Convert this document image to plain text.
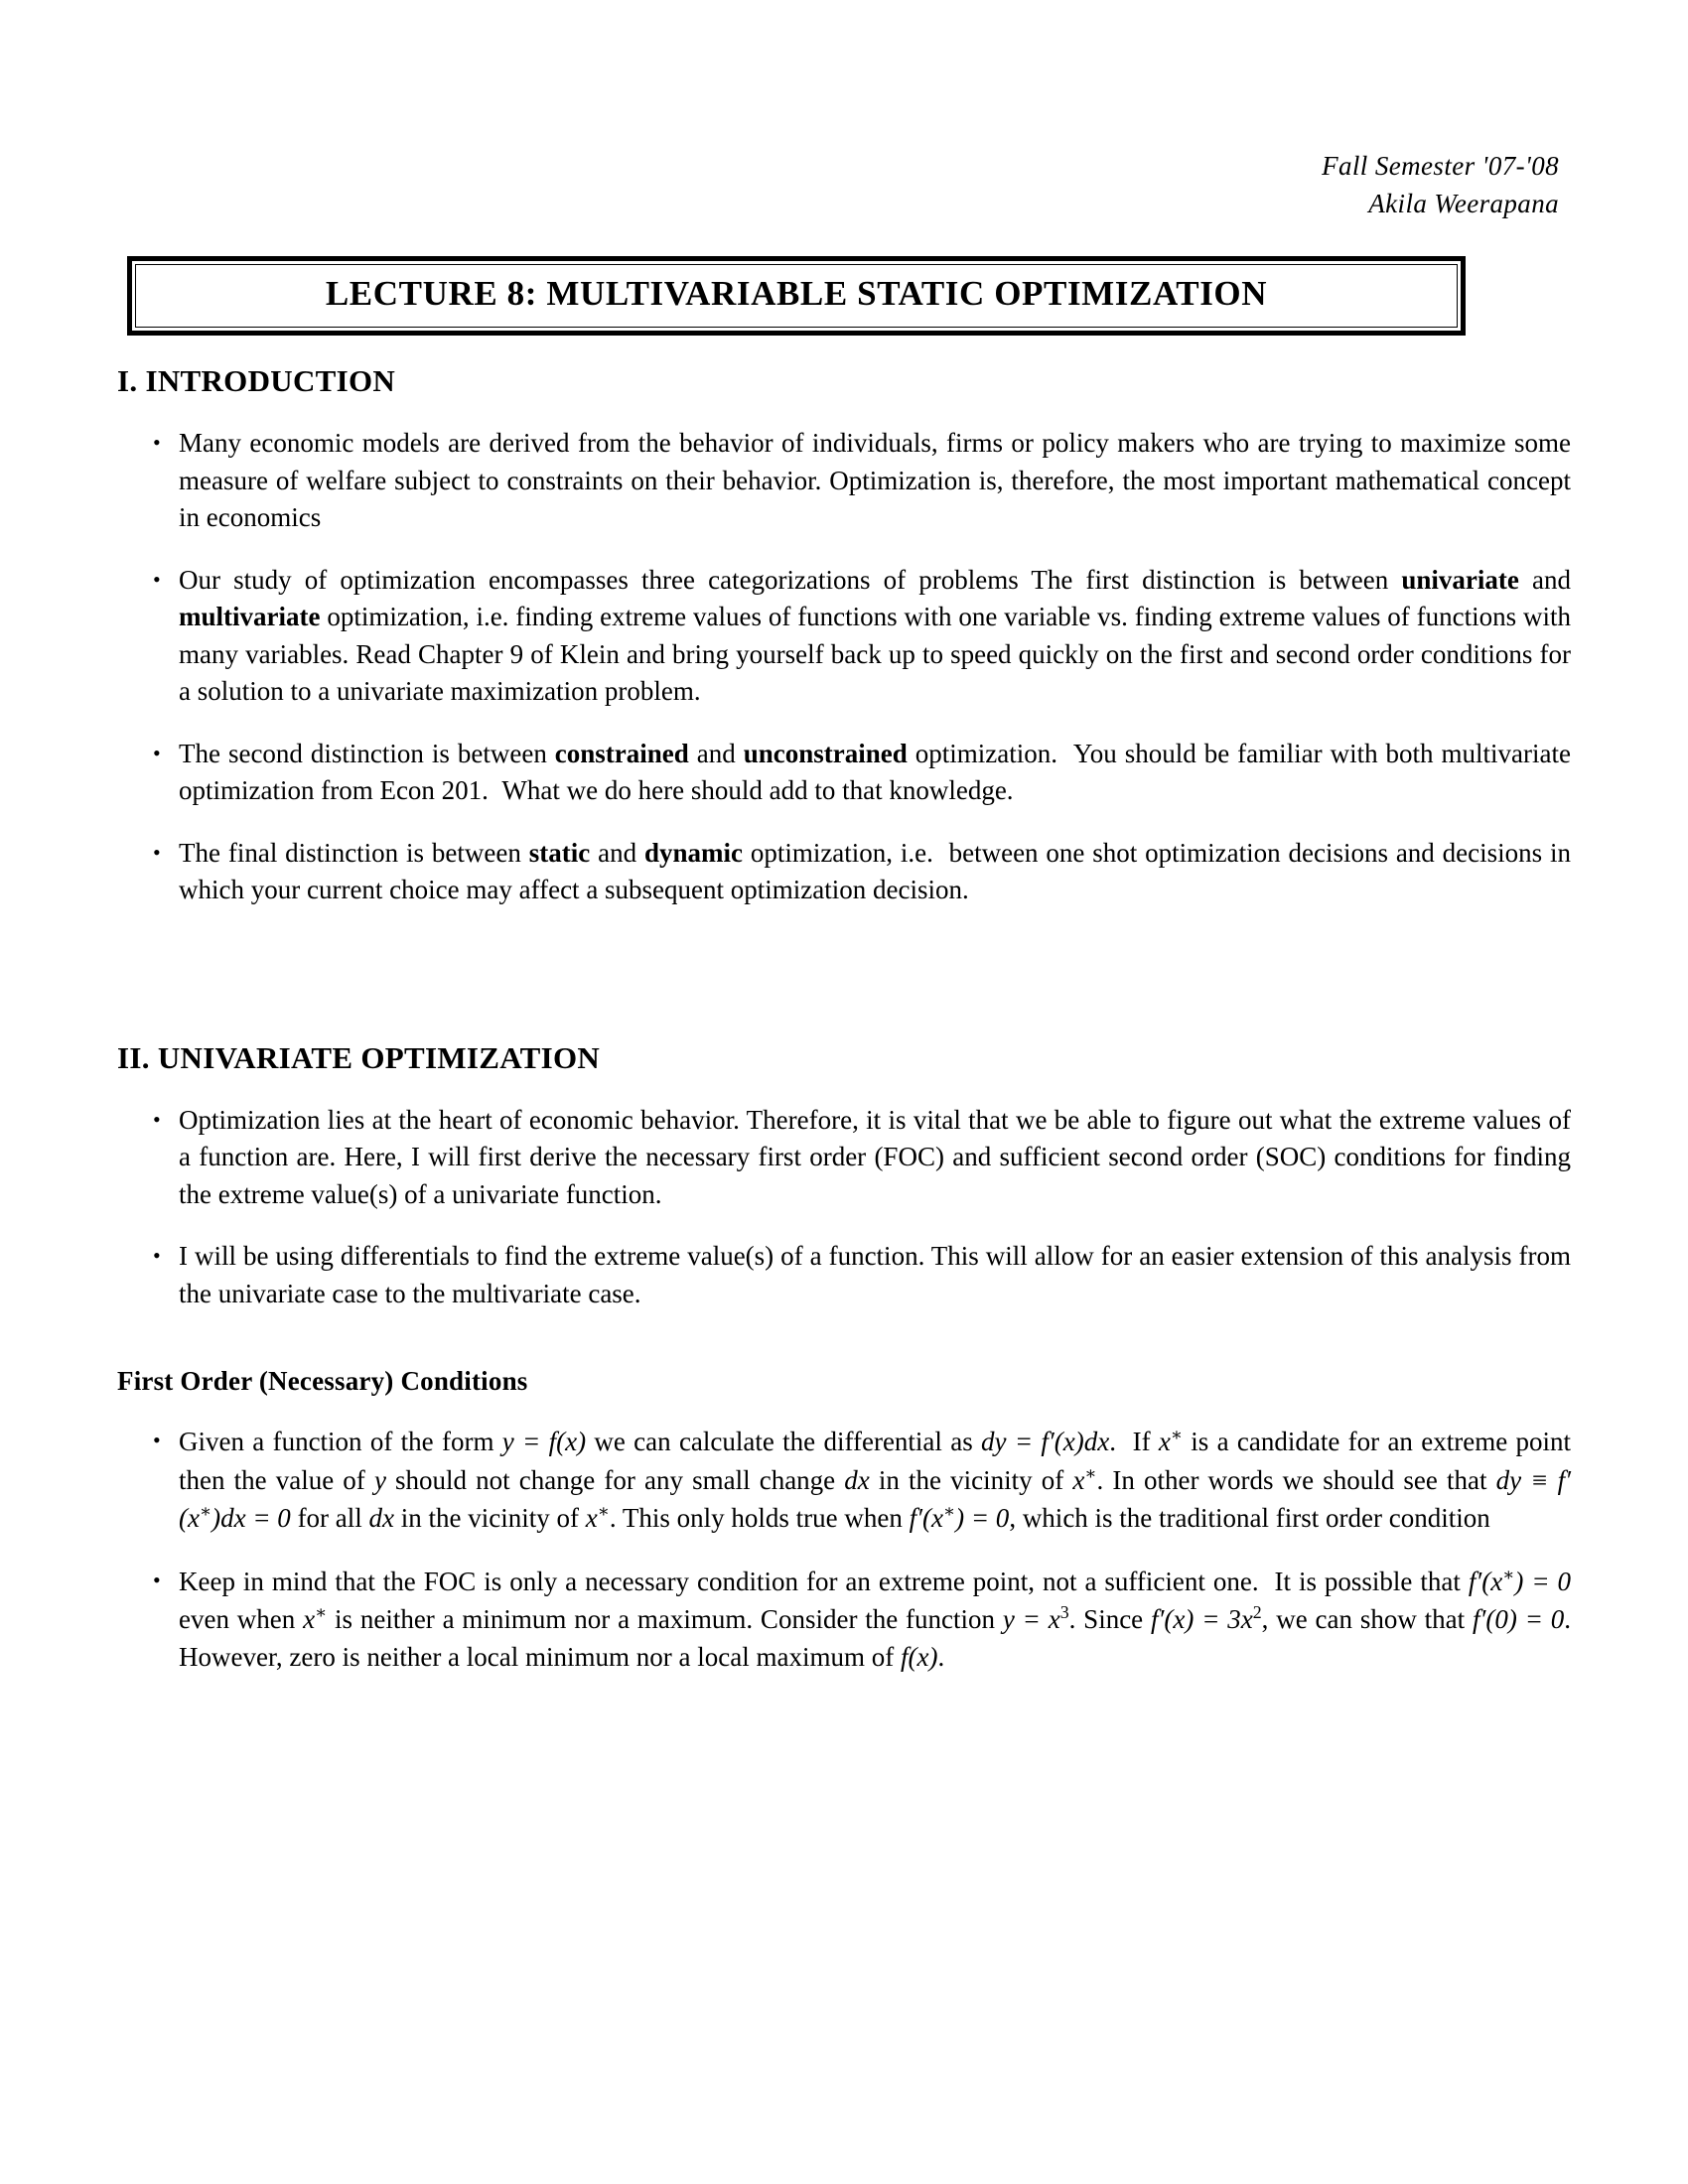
Fall Semester '07-'08
Akila Weerapana
LECTURE 8: MULTIVARIABLE STATIC OPTIMIZATION
I. INTRODUCTION
• Many economic models are derived from the behavior of individuals, firms or policy makers who are trying to maximize some measure of welfare subject to constraints on their behavior. Optimization is, therefore, the most important mathematical concept in economics
• Our study of optimization encompasses three categorizations of problems The first distinction is between univariate and multivariate optimization, i.e. finding extreme values of functions with one variable vs. finding extreme values of functions with many variables. Read Chapter 9 of Klein and bring yourself back up to speed quickly on the first and second order conditions for a solution to a univariate maximization problem.
• The second distinction is between constrained and unconstrained optimization.  You should be familiar with both multivariate optimization from Econ 201.  What we do here should add to that knowledge.
• The final distinction is between static and dynamic optimization, i.e.  between one shot optimization decisions and decisions in which your current choice may affect a subsequent optimization decision.
II. UNIVARIATE OPTIMIZATION
• Optimization lies at the heart of economic behavior. Therefore, it is vital that we be able to figure out what the extreme values of a function are. Here, I will first derive the necessary first order (FOC) and sufficient second order (SOC) conditions for finding the extreme value(s) of a univariate function.
• I will be using differentials to find the extreme value(s) of a function. This will allow for an easier extension of this analysis from the univariate case to the multivariate case.
First Order (Necessary) Conditions
• Given a function of the form y = f(x) we can calculate the differential as dy = f′(x)dx.  If x∗ is a candidate for an extreme point then the value of y should not change for any small change dx in the vicinity of x∗. In other words we should see that dy ≡ f′(x∗)dx = 0 for all dx in the vicinity of x∗. This only holds true when f′(x∗) = 0, which is the traditional first order condition
• Keep in mind that the FOC is only a necessary condition for an extreme point, not a sufficient one.  It is possible that f′(x∗) = 0 even when x∗ is neither a minimum nor a maximum. Consider the function $y = x^3$. Since $f'(x) = 3x^2$, we can show that f′(0) = 0. However, zero is neither a local minimum nor a local maximum of f(x).
